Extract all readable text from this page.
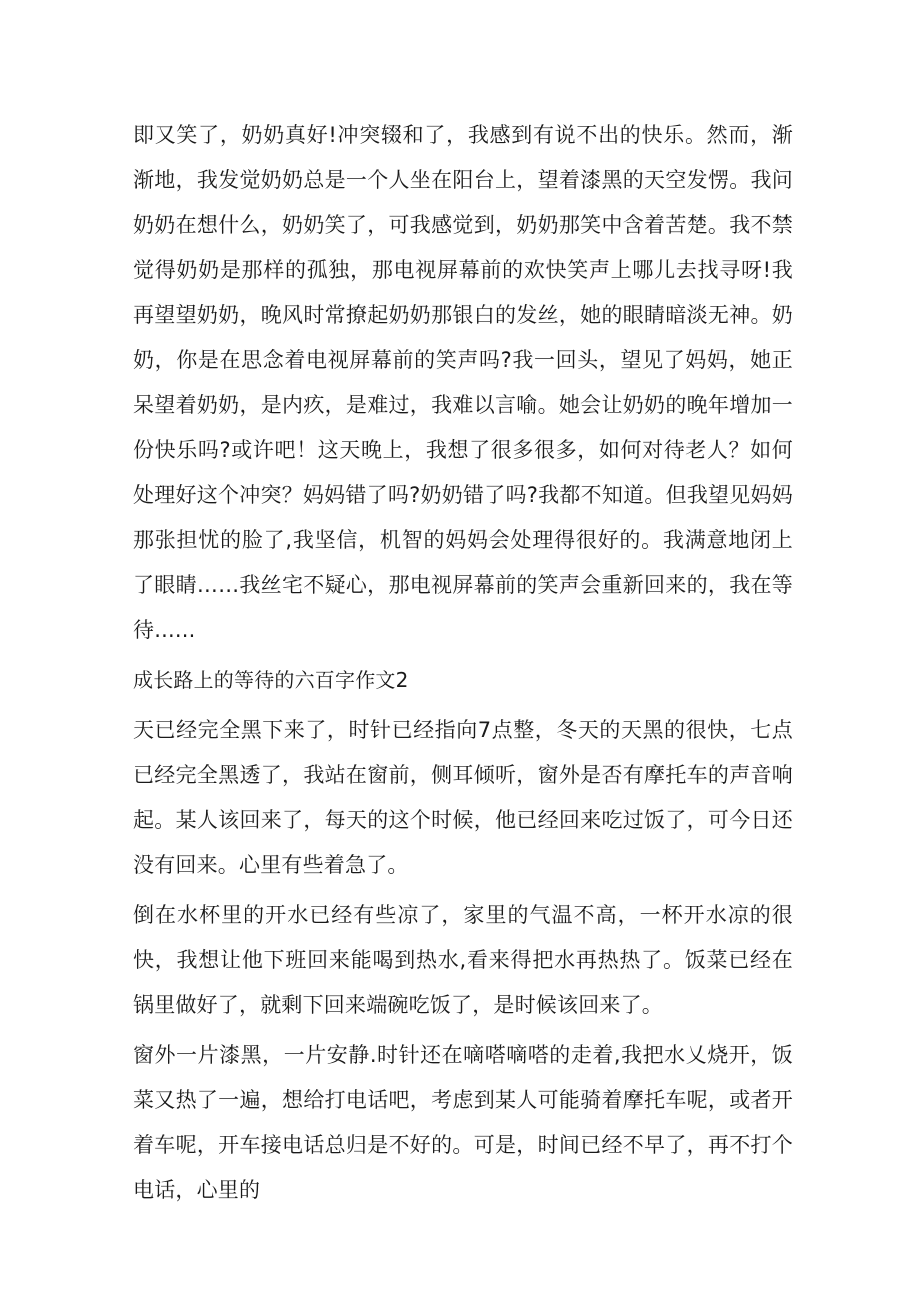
即又笑了，奶奶真好!冲突辍和了，我感到有说不出的快乐。然而，渐渐地，我发觉奶奶总是一个人坐在阳台上，望着漆黑的天空发愣。我问奶奶在想什么，奶奶笑了，可我感觉到，奶奶那笑中含着苦楚。我不禁觉得奶奶是那样的孤独，那电视屏幕前的欢快笑声上哪儿去找寻呀!我再望望奶奶，晚风时常撩起奶奶那银白的发丝，她的眼睛暗淡无神。奶奶，你是在思念着电视屏幕前的笑声吗?我一回头，望见了妈妈，她正呆望着奶奶，是内疚，是难过，我难以言喻。她会让奶奶的晚年增加一份快乐吗?或许吧！这天晚上，我想了很多很多，如何对待老人？如何处理好这个冲突？妈妈错了吗?奶奶错了吗?我都不知道。但我望见妈妈那张担忧的脸了,我坚信，机智的妈妈会处理得很好的。我满意地闭上了眼睛……我丝宅不疑心，那电视屏幕前的笑声会重新回来的，我在等待......

成长路上的等待的六百字作文2

天已经完全黑下来了，时针已经指向7点整，冬天的天黑的很快，七点已经完全黑透了，我站在窗前，侧耳倾听，窗外是否有摩托车的声音响起。某人该回来了，每天的这个时候，他已经回来吃过饭了，可今日还没有回来。心里有些着急了。

倒在水杯里的开水已经有些凉了，家里的气温不高，一杯开水凉的很快，我想让他下班回来能喝到热水,看来得把水再热热了。饭菜已经在锅里做好了，就剩下回来端碗吃饭了，是时候该回来了。

窗外一片漆黑，一片安静.时针还在嘀嗒嘀嗒的走着,我把水乂烧开，饭菜又热了一遍，想给打电话吧，考虑到某人可能骑着摩托车呢，或者开着车呢，开车接电话总归是不好的。可是，时间已经不早了，再不打个电话，心里的
